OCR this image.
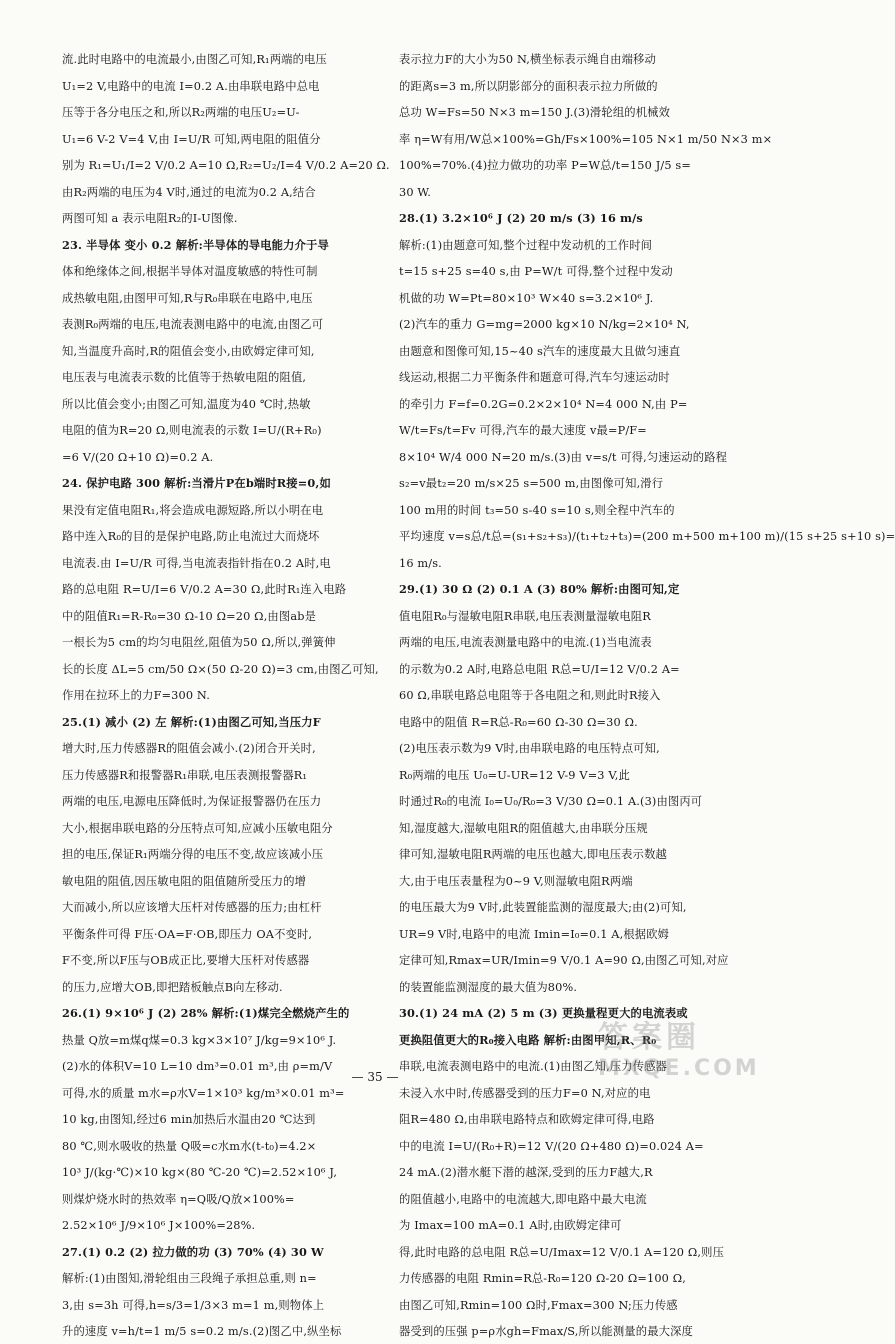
流.此时电路中的电流最小,由图乙可知,R₁两端的电压
U₁=2 V,电路中的电流 I=0.2 A.由串联电路中总电
压等于各分电压之和,所以R₂两端的电压U₂=U-
U₁=6 V-2 V=4 V,由 I=U/R 可知,两电阻的阻值分
别为 R₁=U₁/I=2 V/0.2 A=10 Ω,R₂=U₂/I=4 V/0.2 A=20 Ω.
由R₂两端的电压为4 V时,通过的电流为0.2 A,结合
两图可知 a 表示电阻R₂的I-U图像.
23. 半导体 变小 0.2 解析:半导体的导电能力介于导
体和绝缘体之间,根据半导体对温度敏感的特性可制
成热敏电阻,由图甲可知,R与R₀串联在电路中,电压
表测R₀两端的电压,电流表测电路中的电流,由图乙可
知,当温度升高时,R的阻值会变小,由欧姆定律可知,
电压表与电流表示数的比值等于热敏电阻的阻值,
所以比值会变小;由图乙可知,温度为40 ℃时,热敏
电阻的值为R=20 Ω,则电流表的示数 I=U/(R+R₀)
=6 V/(20 Ω+10 Ω)=0.2 A.
24. 保护电路 300 解析:当滑片P在b端时R接=0,如
果没有定值电阻R₁,将会造成电源短路,所以小明在电
路中连入R₀的目的是保护电路,防止电流过大而烧坏
电流表.由 I=U/R 可得,当电流表指针指在0.2 A时,电
路的总电阻 R=U/I=6 V/0.2 A=30 Ω,此时R₁连入电路
中的阻值R₁=R-R₀=30 Ω-10 Ω=20 Ω,由图ab是
一根长为5 cm的均匀电阻丝,阻值为50 Ω,所以,弹簧伸
长的长度 ΔL=5 cm/50 Ω×(50 Ω-20 Ω)=3 cm,由图乙可知,
作用在拉环上的力F=300 N.
25.(1) 减小 (2) 左 解析:(1)由图乙可知,当压力F
增大时,压力传感器R的阻值会减小.(2)闭合开关时,
压力传感器R和报警器R₁串联,电压表测报警器R₁
两端的电压,电源电压降低时,为保证报警器仍在压力
大小,根据串联电路的分压特点可知,应减小压敏电阻分
担的电压,保证R₁两端分得的电压不变,故应该减小压
敏电阻的阻值,因压敏电阻的阻值随所受压力的增
大而减小,所以应该增大压杆对传感器的压力;由杠杆
平衡条件可得 F压·OA=F·OB,即压力 OA不变时,
F不变,所以F压与OB成正比,要增大压杆对传感器
的压力,应增大OB,即把踏板触点B向左移动.
26.(1) 9×10⁶ J (2) 28% 解析:(1)煤完全燃烧产生的
热量 Q放=m煤q煤=0.3 kg×3×10⁷ J/kg=9×10⁶ J.
(2)水的体积V=10 L=10 dm³=0.01 m³,由 ρ=m/V
可得,水的质量 m水=ρ水V=1×10³ kg/m³×0.01 m³=
10 kg,由图知,经过6 min加热后水温由20 ℃达到
80 ℃,则水吸收的热量 Q吸=c水m水(t-t₀)=4.2×
10³ J/(kg·℃)×10 kg×(80 ℃-20 ℃)=2.52×10⁶ J,
则煤炉烧水时的热效率 η=Q吸/Q放×100%=
2.52×10⁶ J/9×10⁶ J×100%=28%.
27.(1) 0.2 (2) 拉力做的功 (3) 70% (4) 30 W
解析:(1)由图知,滑轮组由三段绳子承担总重,则 n=
3,由 s=3h 可得,h=s/3=1/3×3 m=1 m,则物体上
升的速度 v=h/t=1 m/5 s=0.2 m/s.(2)图乙中,纵坐标
表示拉力F的大小为50 N,横坐标表示绳自由端移动
的距离s=3 m,所以阴影部分的面积表示拉力所做的
总功 W=Fs=50 N×3 m=150 J.(3)滑轮组的机械效
率 η=W有用/W总×100%=Gh/Fs×100%=105 N×1 m/50 N×3 m×
100%=70%.(4)拉力做功的功率 P=W总/t=150 J/5 s=
30 W.
28.(1) 3.2×10⁶ J (2) 20 m/s (3) 16 m/s
解析:(1)由题意可知,整个过程中发动机的工作时间
t=15 s+25 s=40 s,由 P=W/t 可得,整个过程中发动
机做的功 W=Pt=80×10³ W×40 s=3.2×10⁶ J.
(2)汽车的重力 G=mg=2000 kg×10 N/kg=2×10⁴ N,
由题意和图像可知,15~40 s汽车的速度最大且做匀速直
线运动,根据二力平衡条件和题意可得,汽车匀速运动时
的牵引力 F=f=0.2G=0.2×2×10⁴ N=4 000 N,由 P=
W/t=Fs/t=Fv 可得,汽车的最大速度 v最=P/F=
8×10⁴ W/4 000 N=20 m/s.(3)由 v=s/t 可得,匀速运动的路程
s₂=v最t₂=20 m/s×25 s=500 m,由图像可知,滑行
100 m用的时间 t₃=50 s-40 s=10 s,则全程中汽车的
平均速度 v=s总/t总=(s₁+s₂+s₃)/(t₁+t₂+t₃)=(200 m+500 m+100 m)/(15 s+25 s+10 s)=
16 m/s.
29.(1) 30 Ω (2) 0.1 A (3) 80% 解析:由图可知,定
值电阻R₀与湿敏电阻R串联,电压表测量湿敏电阻R
两端的电压,电流表测量电路中的电流.(1)当电流表
的示数为0.2 A时,电路总电阻 R总=U/I=12 V/0.2 A=
60 Ω,串联电路总电阻等于各电阻之和,则此时R接入
电路中的阻值 R=R总-R₀=60 Ω-30 Ω=30 Ω.
(2)电压表示数为9 V时,由串联电路的电压特点可知,
R₀两端的电压 U₀=U-UR=12 V-9 V=3 V,此
时通过R₀的电流 I₀=U₀/R₀=3 V/30 Ω=0.1 A.(3)由图丙可
知,湿度越大,湿敏电阻R的阻值越大,由串联分压规
律可知,湿敏电阻R两端的电压也越大,即电压表示数越
大,由于电压表量程为0~9 V,则湿敏电阻R两端
的电压最大为9 V时,此装置能监测的湿度最大;由(2)可知,
UR=9 V时,电路中的电流 Imin=I₀=0.1 A,根据欧姆
定律可知,Rmax=UR/Imin=9 V/0.1 A=90 Ω,由图乙可知,对应
的装置能监测湿度的最大值为80%.
30.(1) 24 mA (2) 5 m (3) 更换量程更大的电流表或
更换阻值更大的R₀接入电路 解析:由图甲知,R、R₀
串联,电流表测电路中的电流.(1)由图乙知,压力传感器
未浸入水中时,传感器受到的压力F=0 N,对应的电
阻R=480 Ω,由串联电路特点和欧姆定律可得,电路
中的电流 I=U/(R₀+R)=12 V/(20 Ω+480 Ω)=0.024 A=
24 mA.(2)潜水艇下潜的越深,受到的压力F越大,R
的阻值越小,电路中的电流越大,即电路中最大电流
为 Imax=100 mA=0.1 A时,由欧姆定律可
得,此时电路的总电阻 R总=U/Imax=12 V/0.1 A=120 Ω,则压
力传感器的电阻 Rmin=R总-R₀=120 Ω-20 Ω=100 Ω,
由图乙可知,Rmin=100 Ω时,Fmax=300 N;压力传感
器受到的压强 p=ρ水gh=Fmax/S,所以能测量的最大深度
— 35 —
答案圈
MXQE.COM
